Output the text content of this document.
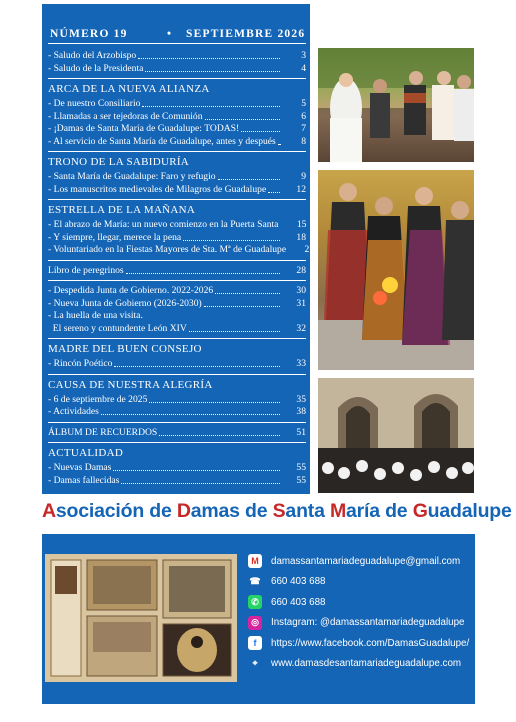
NÚMERO 19	• SEPTIEMBRE 2026
- Saludo del Arzobispo	3
- Saludo de la Presidenta	4
ARCA DE LA NUEVA ALIANZA
- De nuestro Consiliario	5
- Llamadas a ser tejedoras de Comunión	6
- ¡Damas de Santa María de Guadalupe: TODAS!	7
- Al servicio de Santa María de Guadalupe, antes y después	8
TRONO DE LA SABIDURÍA
- Santa María de Guadalupe: Faro y refugio	9
- Los manuscritos medievales de Milagros de Guadalupe	12
ESTRELLA DE LA MAÑANA
- El abrazo de María: un nuevo comienzo en la Puerta Santa	15
- Y siempre, llegar, merece la pena	18
- Voluntariado en la Fiestas Mayores de Sta. Mª de Guadalupe	21
Libro de peregrinos	28
- Despedida Junta de Gobierno. 2022-2026	30
- Nueva Junta de Gobierno (2026-2030)	31
- La huella de una visita.
El sereno y contundente León XIV	32
MADRE DEL BUEN CONSEJO
- Rincón Poético	33
CAUSA DE NUESTRA ALEGRÍA
- 6 de septiembre de 2025	35
- Actividades	38
ÁLBUM DE RECUERDOS	51
ACTUALIDAD
- Nuevas Damas	55
- Damas fallecidas	55
Asociación de Damas de Santa María de Guadalupe
M	damassantamariadeguadalupe@gmail.com
☎ 660 403 688
✆	660 403 688
◎	Instagram: @damassantamariadeguadalupe
f	https://www.facebook.com/DamasGuadalupe/
⌖	www.damasdesantamariadeguadalupe.com
